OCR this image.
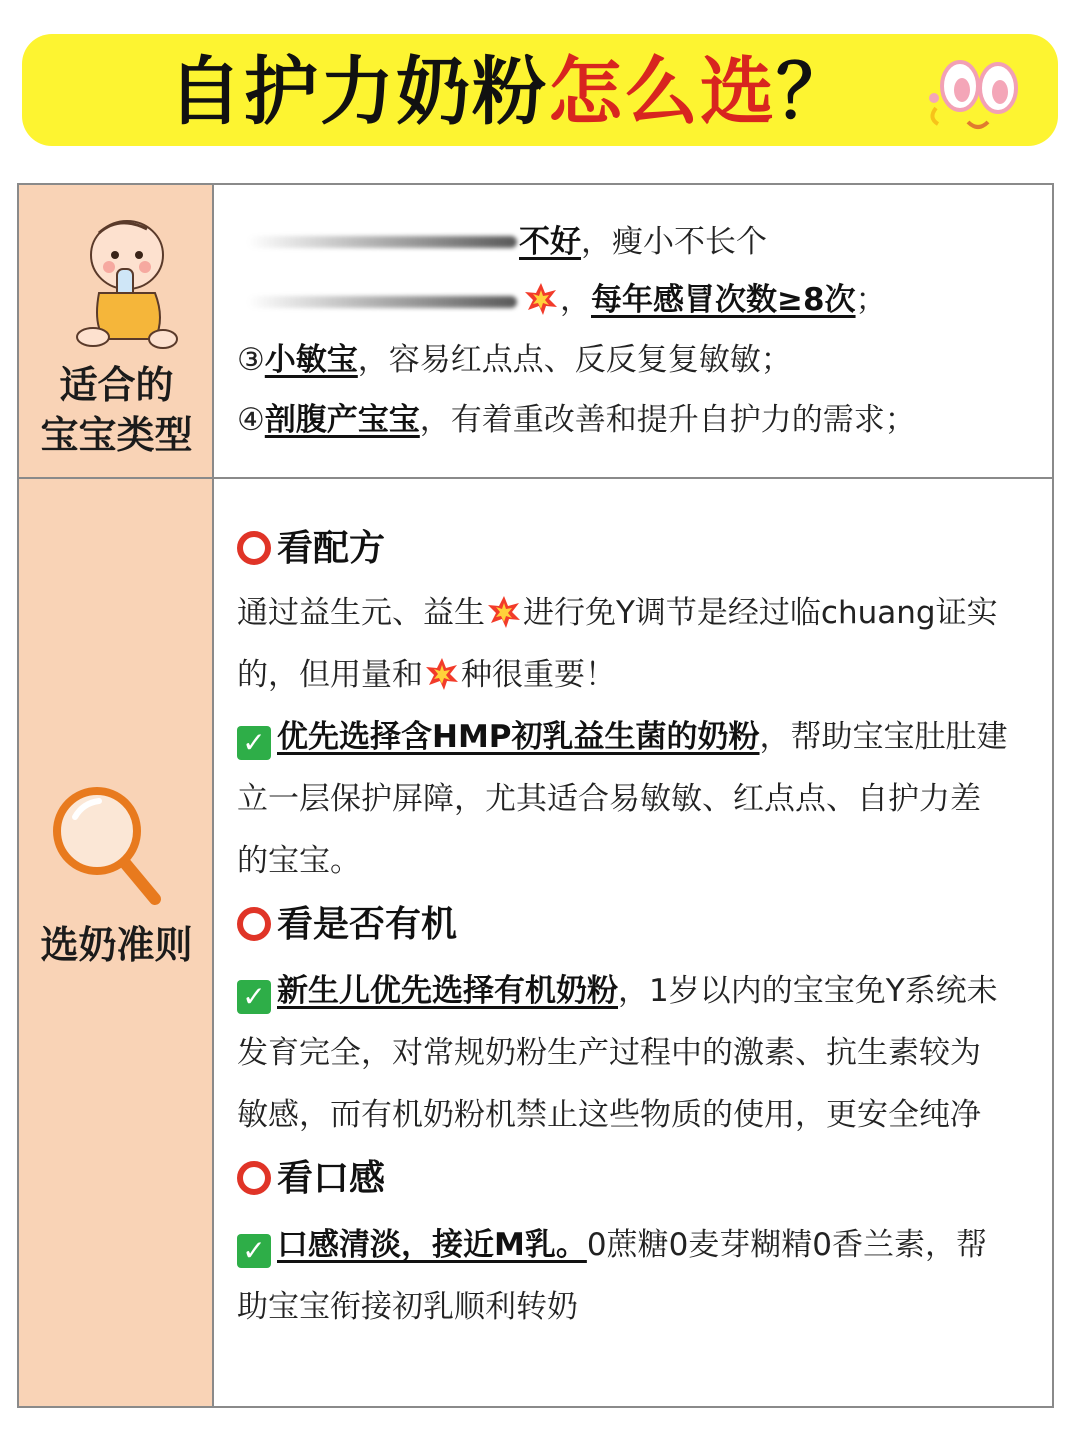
自护力奶粉怎么选？
适合的
宝宝类型
不好，瘦小不长个
，每年感冒次数≥8次；
③小敏宝，容易红点点、反反复复敏敏；
④剖腹产宝宝，有着重改善和提升自护力的需求；
选奶准则
看配方
通过益生元、益生 进行免Y调节是经过临chuang证实
的，但用量和 种很重要！
✓ 优先选择含HMP初乳益生菌的奶粉，帮助宝宝肚肚建
立一层保护屏障，尤其适合易敏敏、红点点、自护力差
的宝宝。
看是否有机
✓ 新生儿优先选择有机奶粉，1岁以内的宝宝免Y系统未
发育完全，对常规奶粉生产过程中的激素、抗生素较为
敏感，而有机奶粉机禁止这些物质的使用，更安全纯净
看口感
✓ 口感清淡，接近M乳。0蔗糖0麦芽糊精0香兰素，帮
助宝宝衔接初乳顺利转奶
